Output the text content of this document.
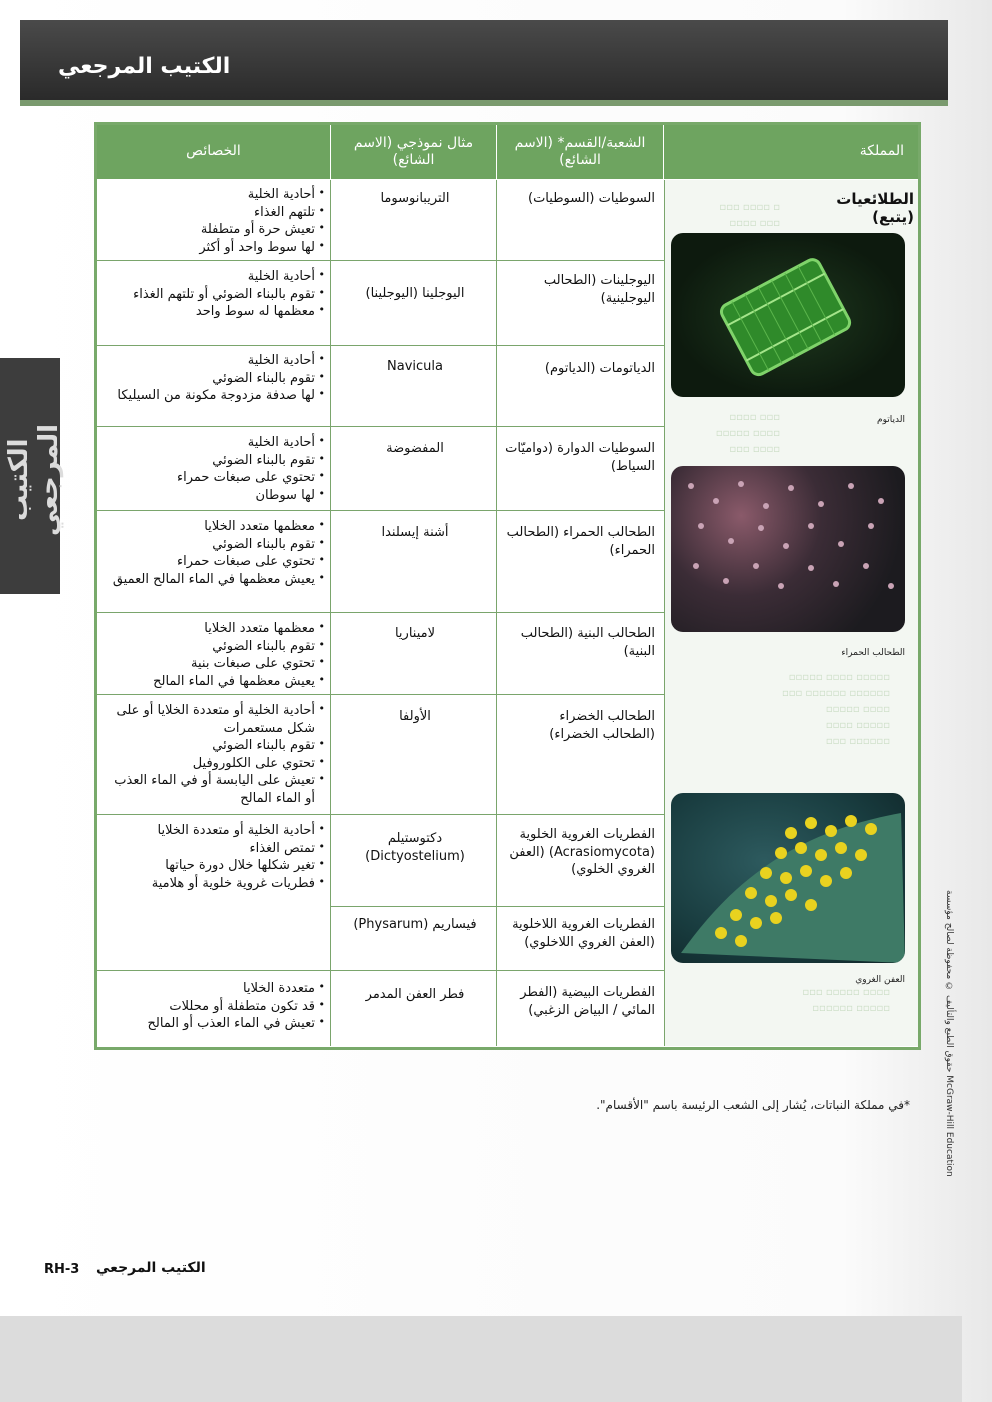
الكتيب المرجعي
الكتيب المرجعي
المملكة
الشعبة/القسم* (الاسم الشائع)
مثال نموذجي (الاسم الشائع)
الخصائص
▫ ▫▫▫▫ ▫▫▫
▫▫▫ ▫▫▫▫
▫▫▫ ▫▫▫▫
▫▫▫▫ ▫▫▫▫▫
▫▫▫▫ ▫▫▫
▫▫▫▫▫ ▫▫▫▫ ▫▫▫▫▫
▫▫▫▫▫▫ ▫▫▫▫▫▫ ▫▫▫
▫▫▫▫ ▫▫▫▫▫
▫▫▫▫▫ ▫▫▫▫
▫▫▫▫▫▫ ▫▫▫
▫▫▫▫ ▫▫▫▫▫ ▫▫▫
▫▫▫▫▫ ▫▫▫▫▫▫
الطلائعيات (يتبع)
الدياتوم
الطحالب الحمراء
العفن الغروي
السوطيات (السوطيات)
التريبانوسوما
• أحادية الخلية
• تلتهم الغذاء
• تعيش حرة أو متطفلة
• لها سوط واحد أو أكثر
اليوجلينات (الطحالب اليوجلينية)
اليوجلينا (اليوجلينا)
• أحادية الخلية
• تقوم بالبناء الضوئي أو تلتهم الغذاء
• معظمها له سوط واحد
الدياتومات (الدياتوم)
Navicula
• أحادية الخلية
• تقوم بالبناء الضوئي
• لها صدفة مزدوجة مكونة من السيليكا
السوطيات الدوارة (دواميّات السياط)
المفضوضة
• أحادية الخلية
• تقوم بالبناء الضوئي
• تحتوي على صبغات حمراء
• لها سوطان
الطحالب الحمراء (الطحالب الحمراء)
أشنة إيسلندا
• معظمها متعدد الخلايا
• تقوم بالبناء الضوئي
• تحتوي على صبغات حمراء
• يعيش معظمها في الماء المالح العميق
الطحالب البنية (الطحالب البنية)
لاميناريا
• معظمها متعدد الخلايا
• تقوم بالبناء الضوئي
• تحتوي على صبغات بنية
• يعيش معظمها في الماء المالح
الطحالب الخضراء (الطحالب الخضراء)
الأولفا
• أحادية الخلية أو متعددة الخلايا أو على شكل مستعمرات
• تقوم بالبناء الضوئي
• تحتوي على الكلوروفيل
• تعيش على اليابسة أو في الماء العذب أو الماء المالح
الفطريات الغروية الخلوية (Acrasiomycota) (العفن الغروي الخلوي)
دكتوستيلم (Dictyostelium)
• أحادية الخلية أو متعددة الخلايا
• تمتص الغذاء
• تغير شكلها خلال دورة حياتها
• فطريات غروية خلوية أو هلامية
الفطريات الغروية اللاخلوية (العفن الغروي اللاخلوي)
فيساريم (Physarum)
الفطريات البيضية (الفطر المائي / البياض الزغبي)
فطر العفن المدمر
• متعددة الخلايا
• قد تكون متطفلة أو محللات
• تعيش في الماء العذب أو المالح
*في مملكة النباتات، يُشار إلى الشعب الرئيسة باسم "الأقسام".
حقوق الطبع والتأليف © محفوظة لصالح مؤسسة McGraw-Hill Education
الكتيب المرجعي
RH-3
